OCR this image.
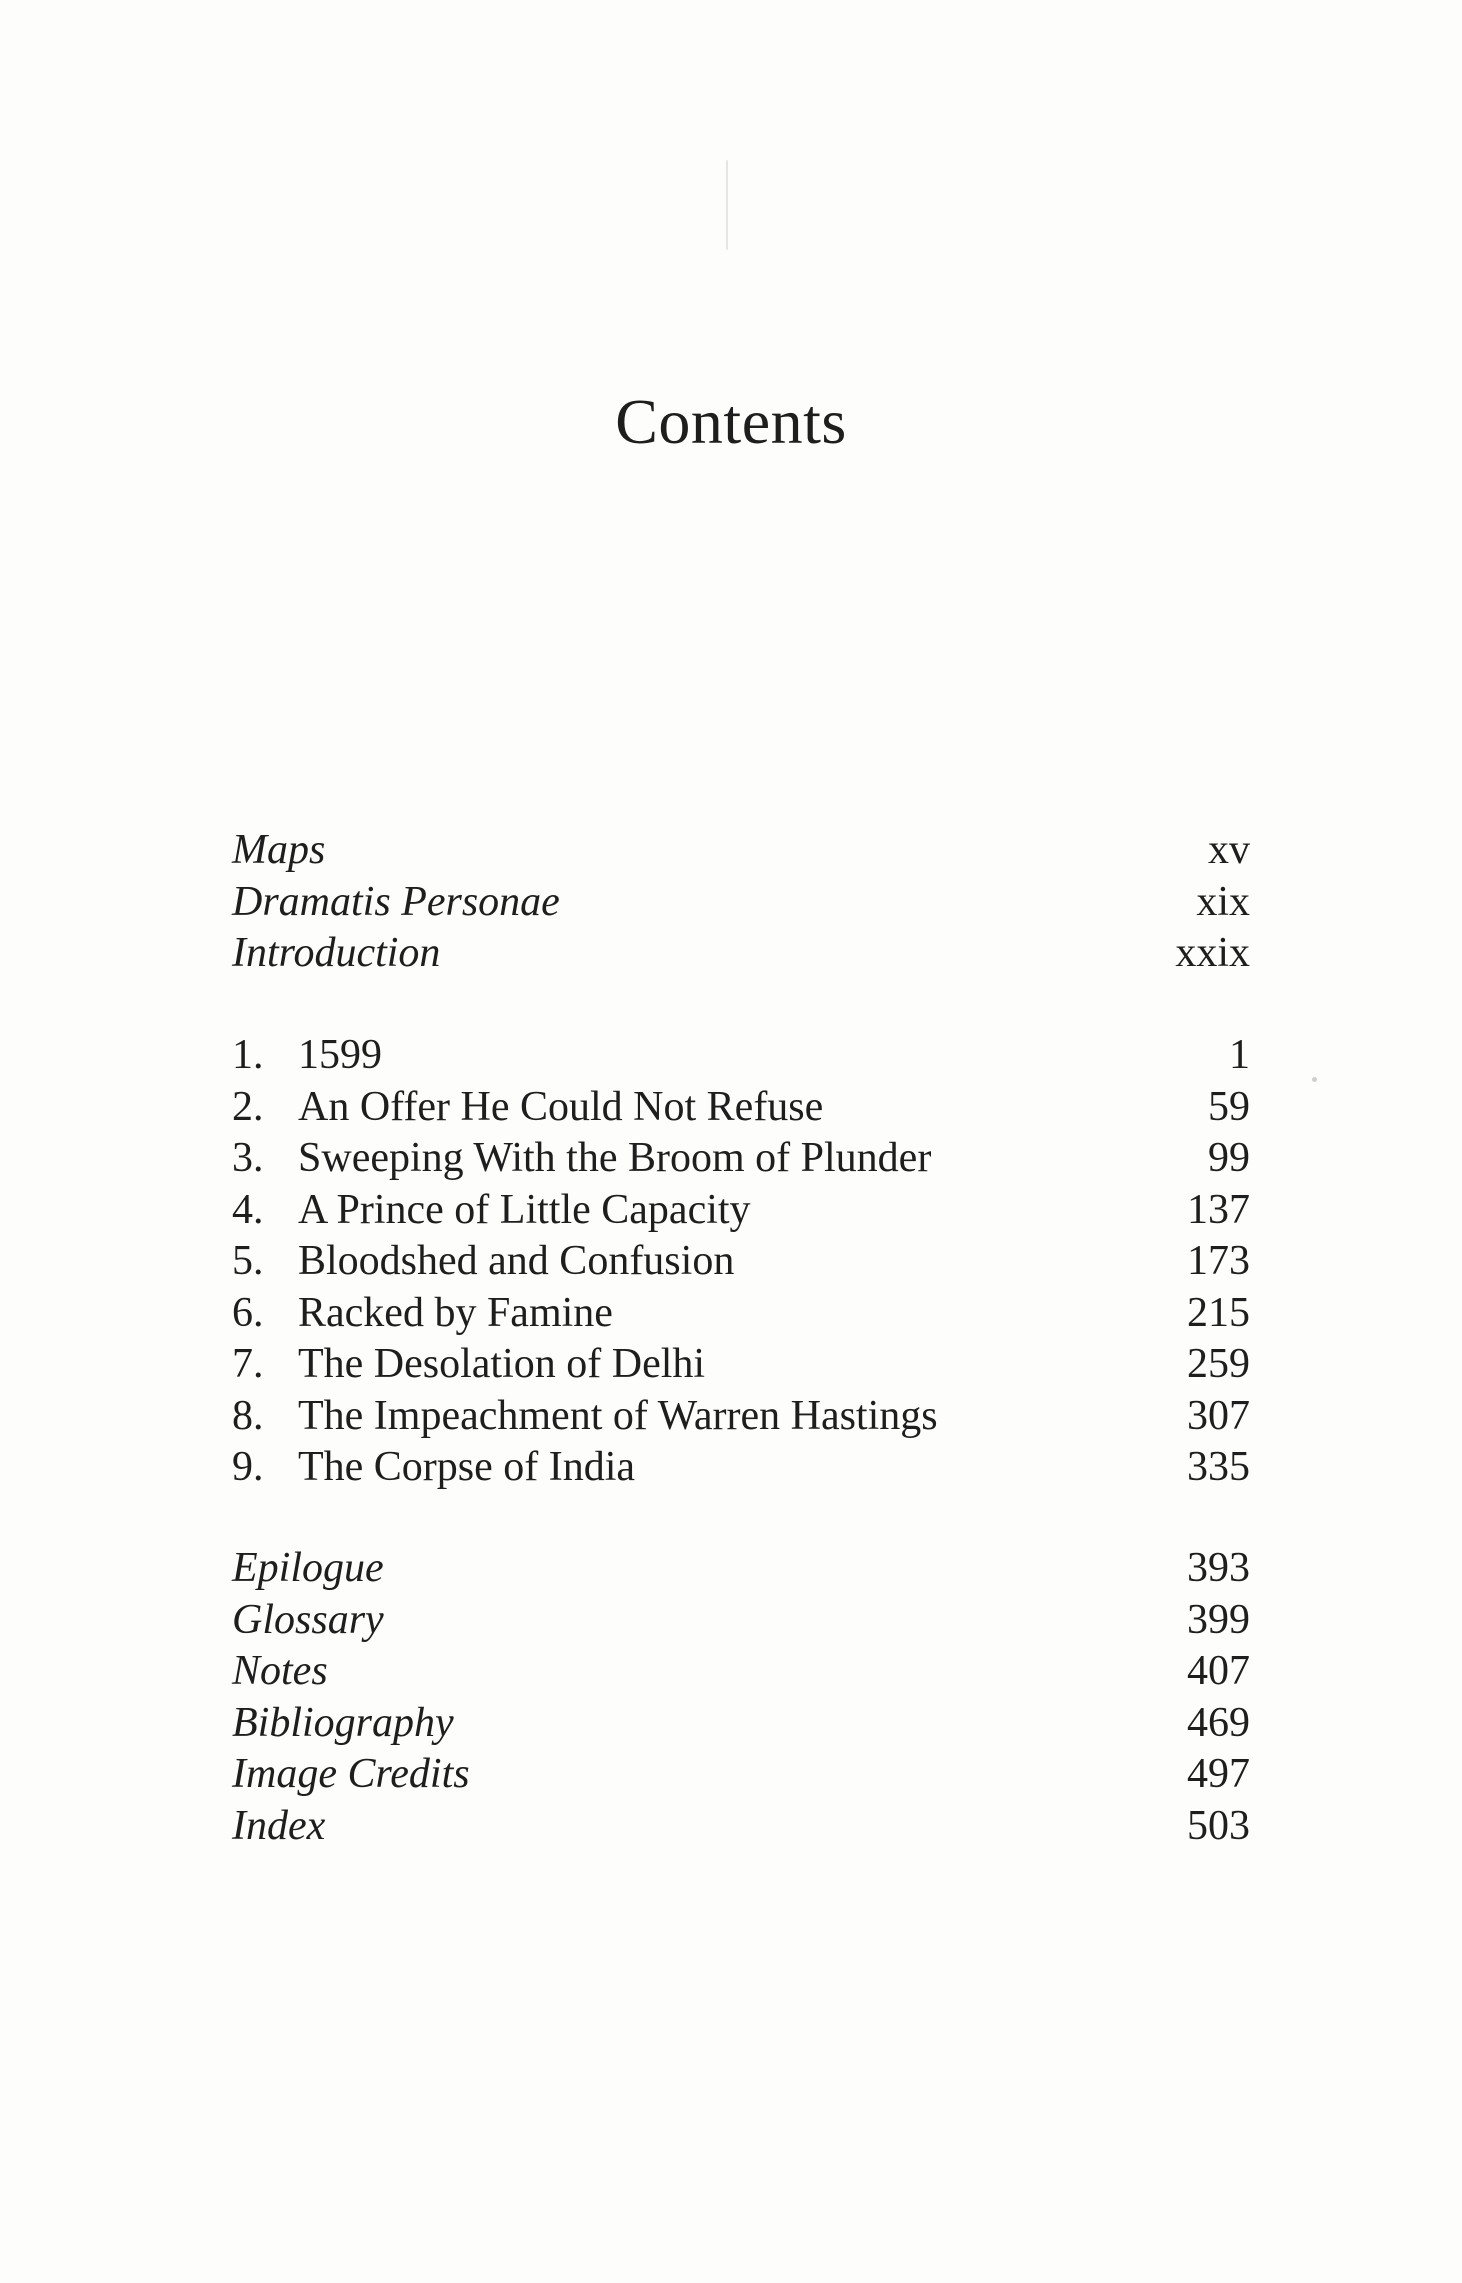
Contents
Maps	xv
Dramatis Personae	xix
Introduction	xxix
1. 1599	1
2. An Offer He Could Not Refuse	59
3. Sweeping With the Broom of Plunder	99
4. A Prince of Little Capacity	137
5. Bloodshed and Confusion	173
6. Racked by Famine	215
7. The Desolation of Delhi	259
8. The Impeachment of Warren Hastings	307
9. The Corpse of India	335
Epilogue	393
Glossary	399
Notes	407
Bibliography	469
Image Credits	497
Index	503
